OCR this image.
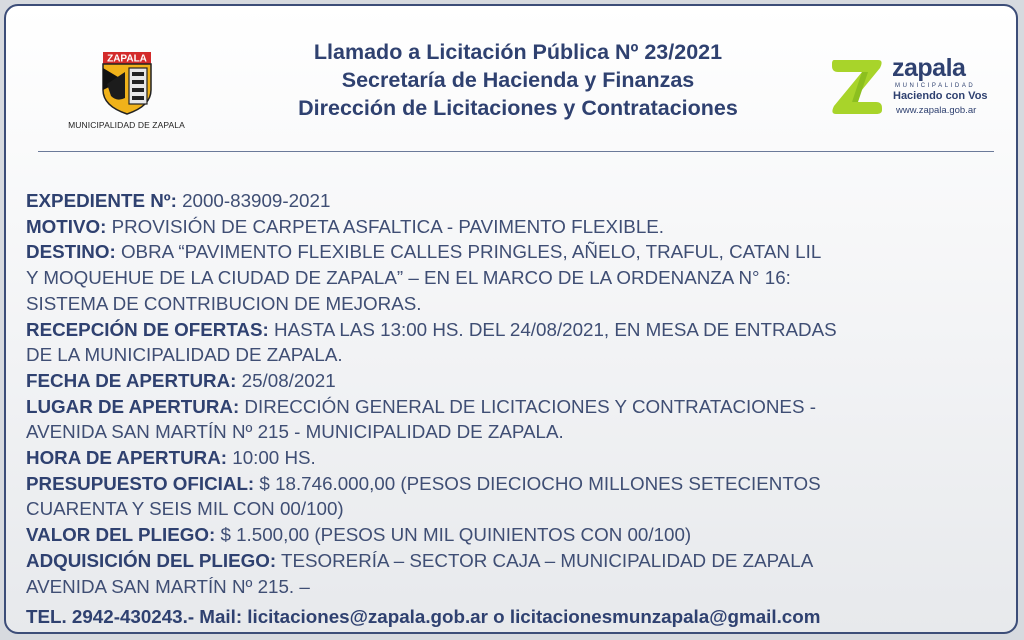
ZAPALA
MUNICIPALIDAD DE ZAPALA
Llamado a Licitación Pública Nº 23/2021
Secretaría de Hacienda y Finanzas
Dirección de Licitaciones y Contrataciones
zapala
MUNICIPALIDAD
Haciendo con Vos
www.zapala.gob.ar
EXPEDIENTE Nº: 2000-83909-2021
MOTIVO: PROVISIÓN DE CARPETA ASFALTICA - PAVIMENTO FLEXIBLE.
DESTINO: OBRA “PAVIMENTO FLEXIBLE CALLES PRINGLES, AÑELO, TRAFUL, CATAN LIL
Y MOQUEHUE DE LA CIUDAD DE ZAPALA” – EN EL MARCO DE LA ORDENANZA N° 16:
SISTEMA DE CONTRIBUCION DE MEJORAS.
RECEPCIÓN DE OFERTAS: HASTA LAS 13:00 HS. DEL 24/08/2021, EN MESA DE ENTRADAS
DE LA MUNICIPALIDAD DE ZAPALA.
FECHA DE APERTURA: 25/08/2021
LUGAR DE APERTURA: DIRECCIÓN GENERAL DE LICITACIONES Y CONTRATACIONES -
AVENIDA SAN MARTÍN Nº 215 - MUNICIPALIDAD DE ZAPALA.
HORA DE APERTURA: 10:00 HS.
PRESUPUESTO OFICIAL: $ 18.746.000,00 (PESOS DIECIOCHO MILLONES SETECIENTOS
CUARENTA Y SEIS MIL CON 00/100)
VALOR DEL PLIEGO: $ 1.500,00 (PESOS UN MIL QUINIENTOS CON 00/100)
ADQUISICIÓN DEL PLIEGO: TESORERÍA – SECTOR CAJA – MUNICIPALIDAD DE ZAPALA
AVENIDA SAN MARTÍN Nº 215. –
TEL. 2942-430243.- Mail: licitaciones@zapala.gob.ar o licitacionesmunzapala@gmail.com
